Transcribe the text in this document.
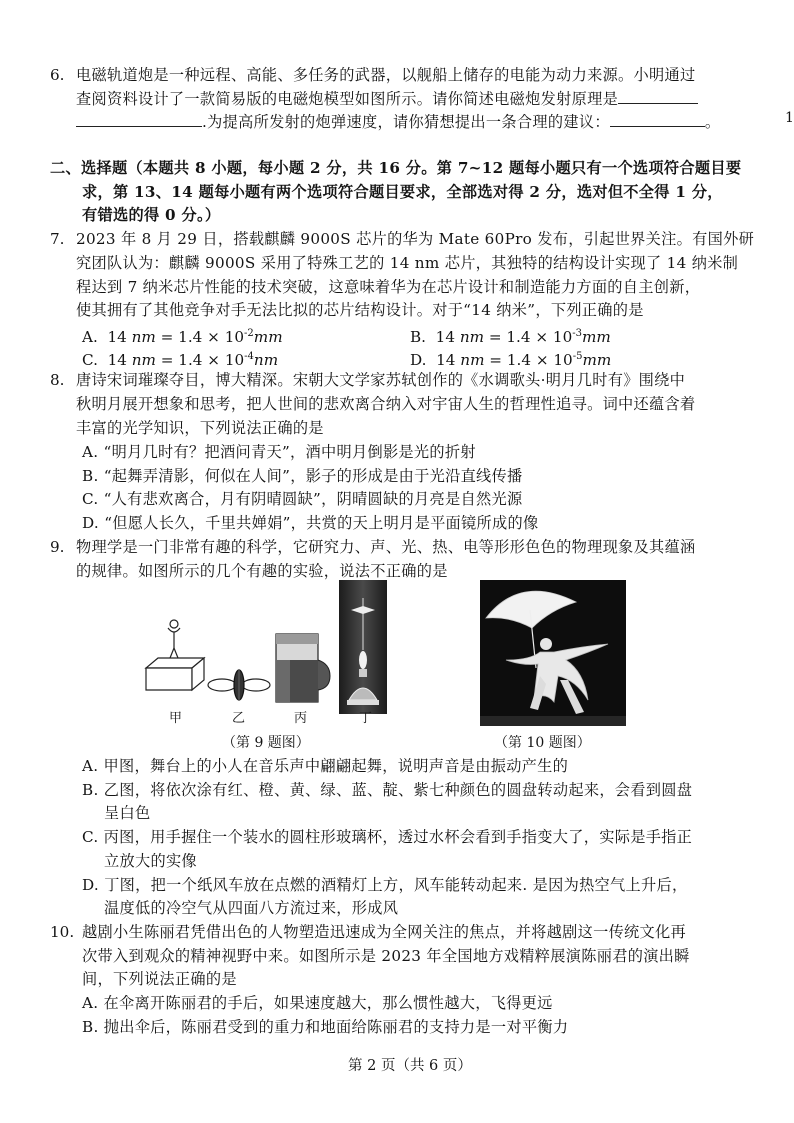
6. 电磁轨道炮是一种远程、高能、多任务的武器，以舰船上储存的电能为动力来源。小明通过
查阅资料设计了一款简易版的电磁炮模型如图所示。请你简述电磁炮发射原理是
.为提高所发射的炮弹速度，请你猜想提出一条合理的建议：	。	1
二、选择题（本题共 8 小题，每小题 2 分，共 16 分。第 7~12 题每小题只有一个选项符合题目要
求，第 13、14 题每小题有两个选项符合题目要求，全部选对得 2 分，选对但不全得 1 分，
有错选的得 0 分。）
7. 2023 年 8 月 29 日，搭载麒麟 9000S 芯片的华为 Mate 60Pro 发布，引起世界关注。有国外研
究团队认为：麒麟 9000S 采用了特殊工艺的 14 nm 芯片，其独特的结构设计实现了 14 纳米制
程达到 7 纳米芯片性能的技术突破，这意味着华为在芯片设计和制造能力方面的自主创新，
使其拥有了其他竞争对手无法比拟的芯片结构设计。对于“14 纳米”，下列正确的是
A. 14 nm = $1.4 \times 10^{-2}mm$	B. 14 nm = $1.4 \times 10^{-3}mm$
C. 14 nm = $1.4 \times 10^{-4}nm$	D. 14 nm = $1.4 \times 10^{-5}mm$
8. 唐诗宋词璀璨夺目，博大精深。宋朝大文学家苏轼创作的《水调歌头·明月几时有》围绕中
秋明月展开想象和思考，把人世间的悲欢离合纳入对宇宙人生的哲理性追寻。词中还蕴含着
丰富的光学知识，下列说法正确的是
A. “明月几时有？把酒问青天”，酒中明月倒影是光的折射
B. “起舞弄清影，何似在人间”，影子的形成是由于光沿直线传播
C. “人有悲欢离合，月有阴晴圆缺”，阴晴圆缺的月亮是自然光源
D. “但愿人长久，千里共婵娟”，共赏的天上明月是平面镜所成的像
9. 物理学是一门非常有趣的科学，它研究力、声、光、热、电等形形色色的物理现象及其蕴涵
的规律。如图所示的几个有趣的实验，说法不正确的是
甲	乙	丙	丁
（第 9 题图）	（第 10 题图）
A. 甲图，舞台上的小人在音乐声中翩翩起舞，说明声音是由振动产生的
B. 乙图，将依次涂有红、橙、黄、绿、蓝、靛、紫七种颜色的圆盘转动起来，会看到圆盘
呈白色
C. 丙图，用手握住一个装水的圆柱形玻璃杯，透过水杯会看到手指变大了，实际是手指正
立放大的实像
D. 丁图，把一个纸风车放在点燃的酒精灯上方，风车能转动起来. 是因为热空气上升后，
温度低的冷空气从四面八方流过来，形成风
10. 越剧小生陈丽君凭借出色的人物塑造迅速成为全网关注的焦点，并将越剧这一传统文化再
次带入到观众的精神视野中来。如图所示是 2023 年全国地方戏精粹展演陈丽君的演出瞬
间，下列说法正确的是
A. 在伞离开陈丽君的手后，如果速度越大，那么惯性越大，飞得更远
B. 抛出伞后，陈丽君受到的重力和地面给陈丽君的支持力是一对平衡力
第 2 页（共 6 页）
